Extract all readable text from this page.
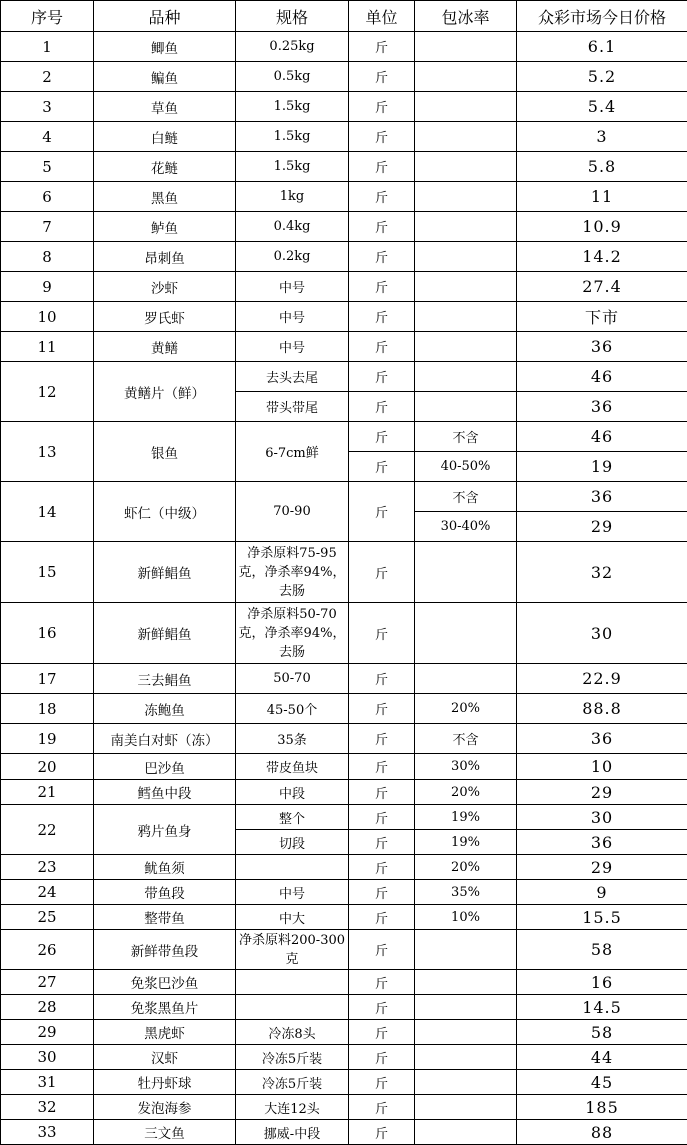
序号	品种	规格	单位	包冰率	众彩市场今日价格
1	鲫鱼	0.25kg	斤		6.1
2	鳊鱼	0.5kg	斤		5.2
3	草鱼	1.5kg	斤		5.4
4	白鲢	1.5kg	斤		3
5	花鲢	1.5kg	斤		5.8
6	黑鱼	1kg	斤		11
7	鲈鱼	0.4kg	斤		10.9
8	昂刺鱼	0.2kg	斤		14.2
9	沙虾	中号	斤		27.4
10	罗氏虾	中号	斤		下市
11	黄鳝	中号	斤		36
12	黄鳝片（鲜）	去头去尾	斤		46
		带头带尾	斤		36
13	银鱼	6-7cm鲜	斤	不含	46
			斤	40-50%	19
14	虾仁（中级）	70-90	斤	不含	36
				30-40%	29
15	新鲜鲳鱼	净杀原料75-95克，净杀率94%，去肠	斤		32
16	新鲜鲳鱼	净杀原料50-70克，净杀率94%，去肠	斤		30
17	三去鲳鱼	50-70	斤		22.9
18	冻鲍鱼	45-50个	斤	20%	88.8
19	南美白对虾（冻）	35条	斤	不含	36
20	巴沙鱼	带皮鱼块	斤	30%	10
21	鳕鱼中段	中段	斤	20%	29
22	鸦片鱼身	整个	斤	19%	30
		切段	斤	19%	36
23	鱿鱼须		斤	20%	29
24	带鱼段	中号	斤	35%	9
25	整带鱼	中大	斤	10%	15.5
26	新鲜带鱼段	净杀原料200-300克	斤		58
27	免浆巴沙鱼		斤		16
28	免浆黑鱼片		斤		14.5
29	黑虎虾	冷冻8头	斤		58
30	汉虾	冷冻5斤装	斤		44
31	牡丹虾球	冷冻5斤装	斤		45
32	发泡海参	大连12头	斤		185
33	三文鱼	挪威-中段	斤		88
